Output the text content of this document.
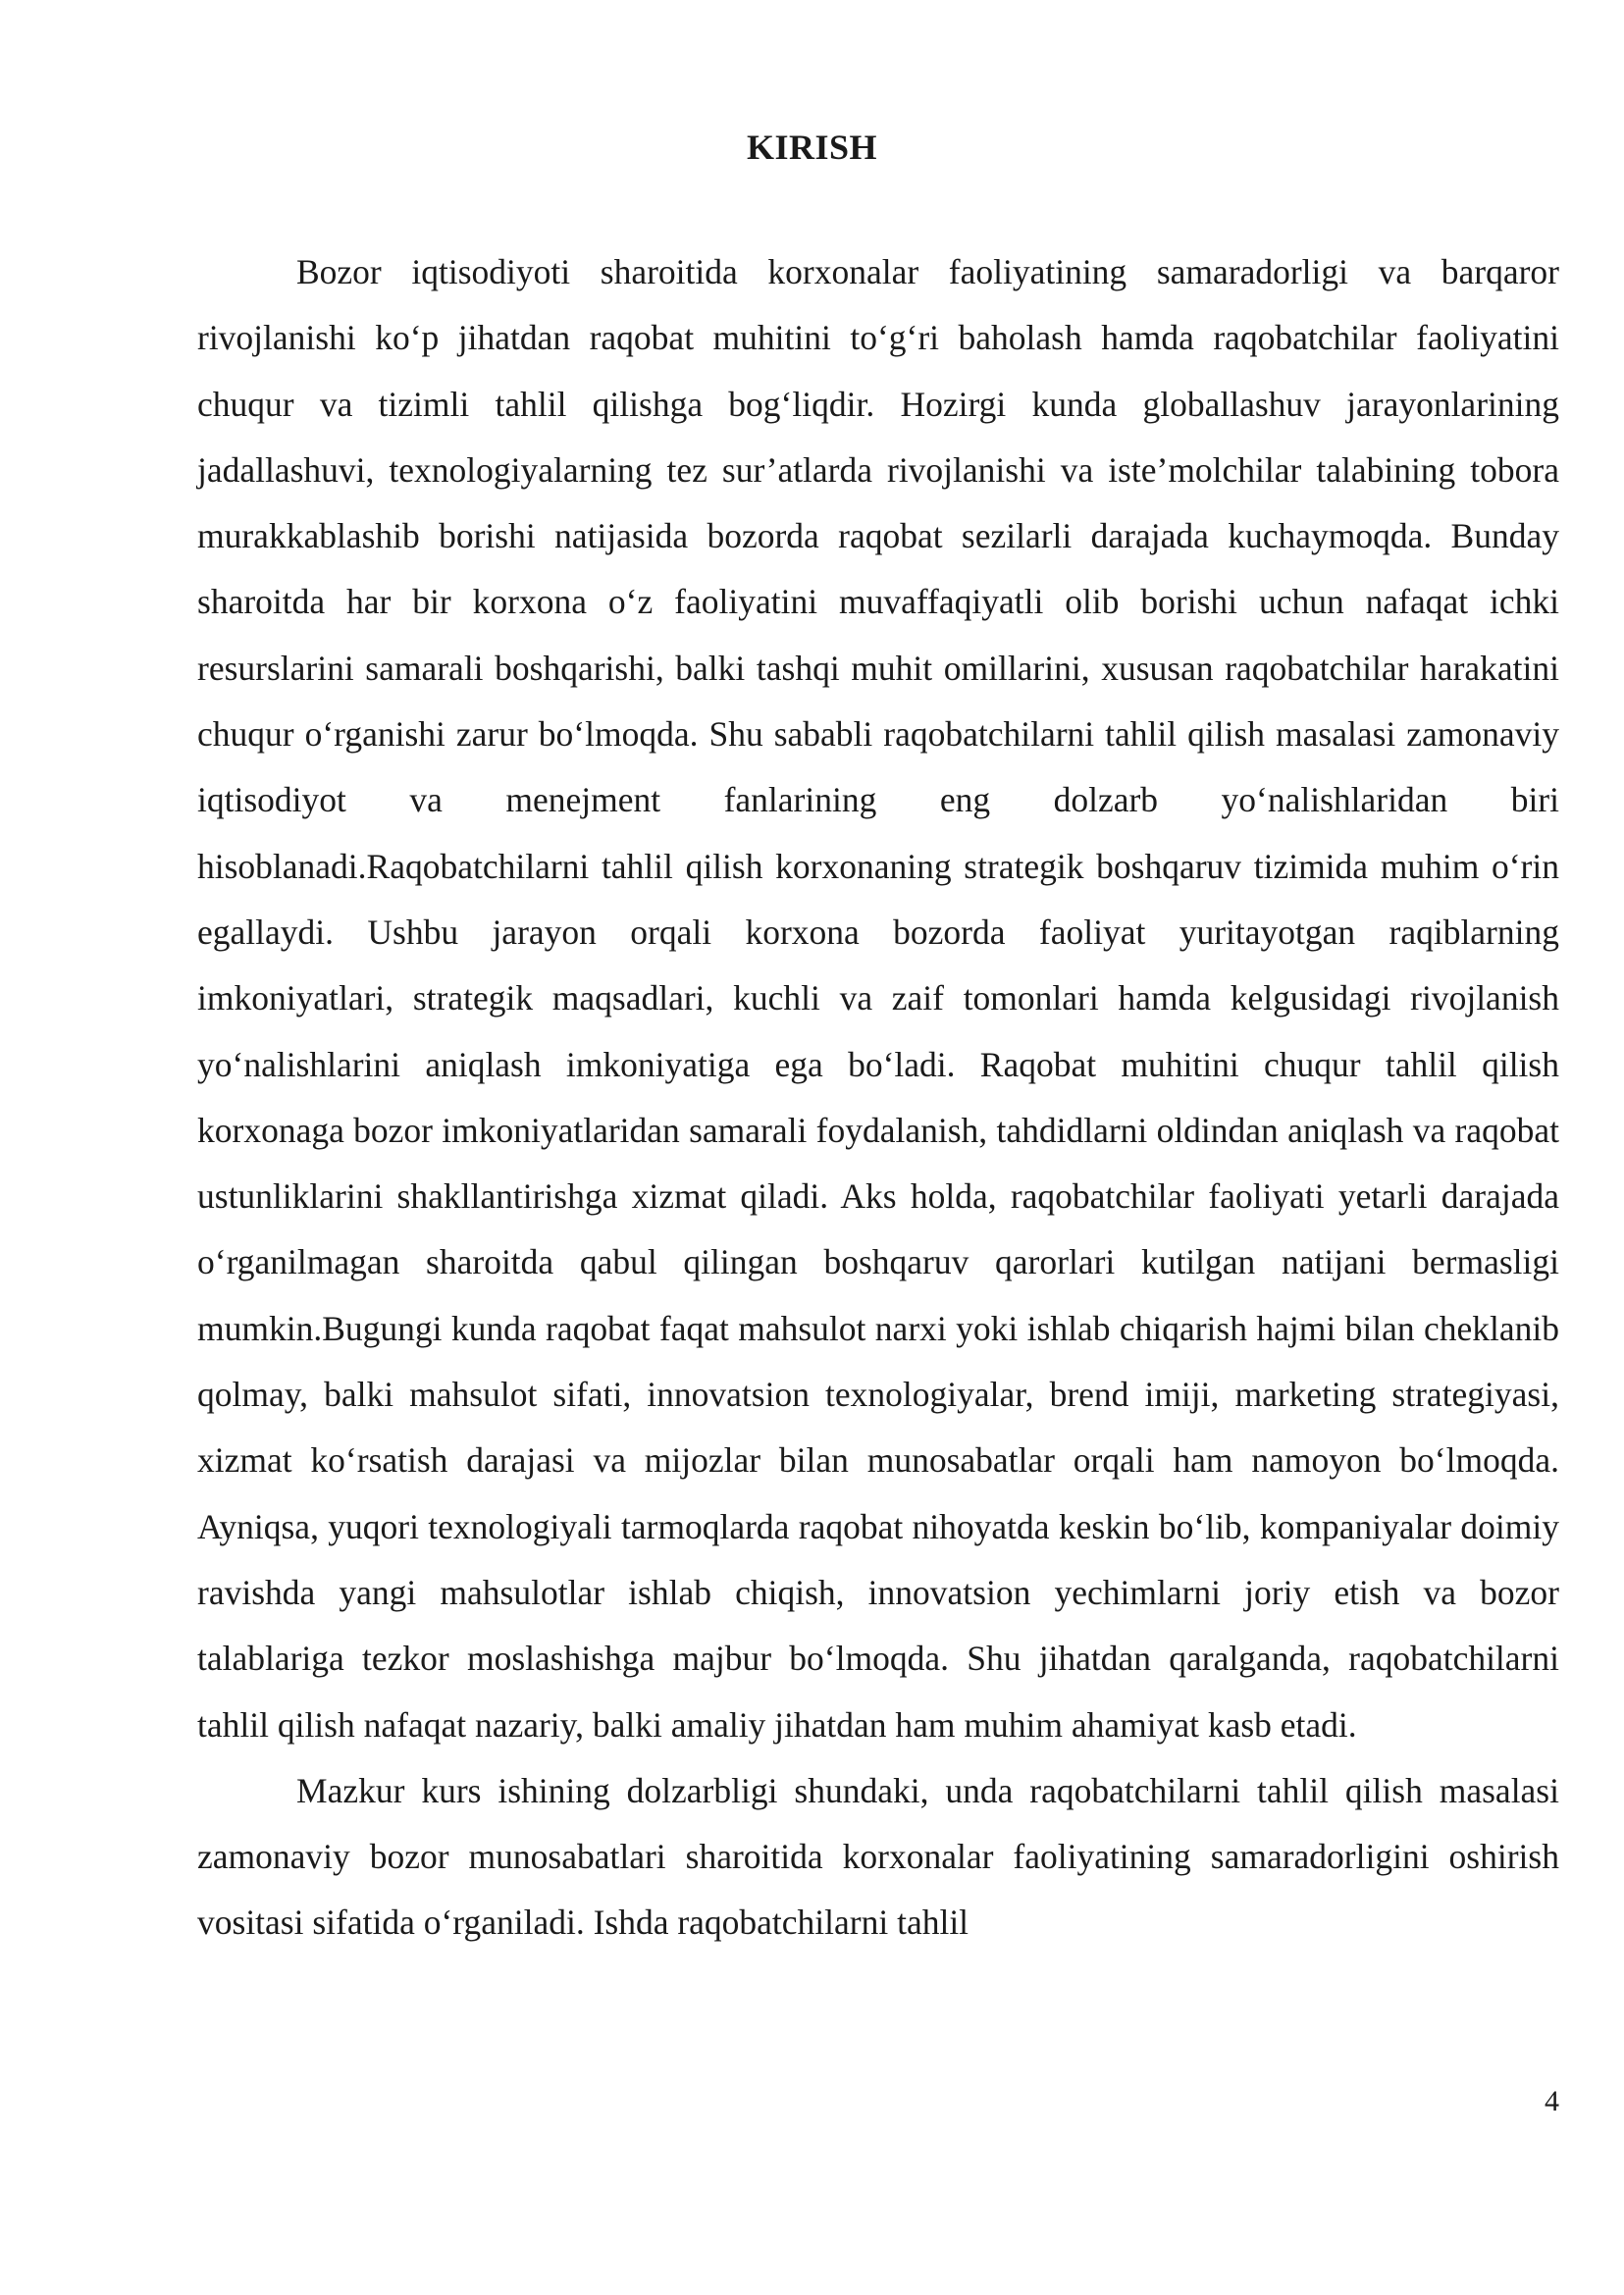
KIRISH

Bozor iqtisodiyoti sharoitida korxonalar faoliyatining samaradorligi va barqaror rivojlanishi ko‘p jihatdan raqobat muhitini to‘g‘ri baholash hamda raqobatchilar faoliyatini chuqur va tizimli tahlil qilishga bog‘liqdir. Hozirgi kunda globallashuv jarayonlarining jadallashuvi, texnologiyalarning tez sur’atlarda rivojlanishi va iste’molchilar talabining tobora murakkablashib borishi natijasida bozorda raqobat sezilarli darajada kuchaymoqda. Bunday sharoitda har bir korxona o‘z faoliyatini muvaffaqiyatli olib borishi uchun nafaqat ichki resurslarini samarali boshqarishi, balki tashqi muhit omillarini, xususan raqobatchilar harakatini chuqur o‘rganishi zarur bo‘lmoqda. Shu sababli raqobatchilarni tahlil qilish masalasi zamonaviy iqtisodiyot va menejment fanlarining eng dolzarb yo‘nalishlaridan biri hisoblanadi.Raqobatchilarni tahlil qilish korxonaning strategik boshqaruv tizimida muhim o‘rin egallaydi. Ushbu jarayon orqali korxona bozorda faoliyat yuritayotgan raqiblarning imkoniyatlari, strategik maqsadlari, kuchli va zaif tomonlari hamda kelgusidagi rivojlanish yo‘nalishlarini aniqlash imkoniyatiga ega bo‘ladi. Raqobat muhitini chuqur tahlil qilish korxonaga bozor imkoniyatlaridan samarali foydalanish, tahdidlarni oldindan aniqlash va raqobat ustunliklarini shakllantirishga xizmat qiladi. Aks holda, raqobatchilar faoliyati yetarli darajada o‘rganilmagan sharoitda qabul qilingan boshqaruv qarorlari kutilgan natijani bermasligi mumkin.Bugungi kunda raqobat faqat mahsulot narxi yoki ishlab chiqarish hajmi bilan cheklanib qolmay, balki mahsulot sifati, innovatsion texnologiyalar, brend imiji, marketing strategiyasi, xizmat ko‘rsatish darajasi va mijozlar bilan munosabatlar orqali ham namoyon bo‘lmoqda. Ayniqsa, yuqori texnologiyali tarmoqlarda raqobat nihoyatda keskin bo‘lib, kompaniyalar doimiy ravishda yangi mahsulotlar ishlab chiqish, innovatsion yechimlarni joriy etish va bozor talablariga tezkor moslashishga majbur bo‘lmoqda. Shu jihatdan qaralganda, raqobatchilarni tahlil qilish nafaqat nazariy, balki amaliy jihatdan ham muhim ahamiyat kasb etadi.

Mazkur kurs ishining dolzarbligi shundaki, unda raqobatchilarni tahlil qilish masalasi zamonaviy bozor munosabatlari sharoitida korxonalar faoliyatining samaradorligini oshirish vositasi sifatida o‘rganiladi. Ishda raqobatchilarni tahlil

4
